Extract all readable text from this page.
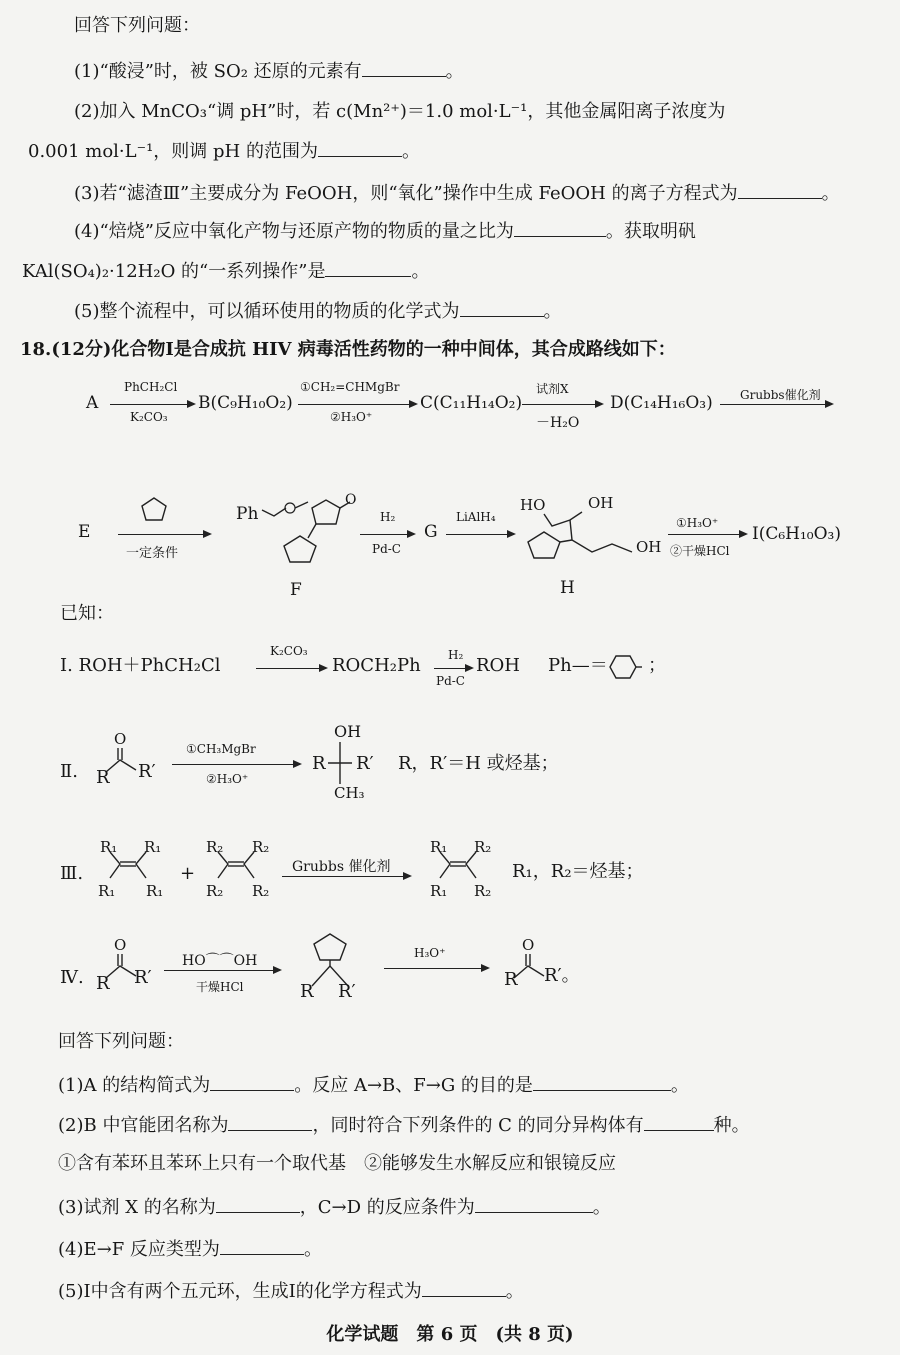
回答下列问题：
(1)“酸浸”时，被 SO₂ 还原的元素有	。
(2)加入 MnCO₃“调 pH”时，若 c(Mn²⁺)＝1.0 mol·L⁻¹，其他金属阳离子浓度为
0.001 mol·L⁻¹，则调 pH 的范围为	。
(3)若“滤渣Ⅲ”主要成分为 FeOOH，则“氧化”操作中生成 FeOOH 的离子方程式为	。
(4)“焙烧”反应中氧化产物与还原产物的物质的量之比为	。获取明矾
KAl(SO₄)₂·12H₂O 的“一系列操作”是	。
(5)整个流程中，可以循环使用的物质的化学式为	。
18.(12分)化合物Ⅰ是合成抗 HIV 病毒活性药物的一种中间体，其合成路线如下：
A
PhCH₂Cl
K₂CO₃
B(C₉H₁₀O₂)
①CH₂=CHMgBr
②H₃O⁺
C(C₁₁H₁₄O₂)
试剂X
－H₂O
D(C₁₄H₁₆O₃) Grubbs催化剂
E
一定条件
Ph
O
F
H₂
Pd-C
G
LiAlH₄
HO	OH
OH
H
①H₃O⁺
②干燥HCl
I(C₆H₁₀O₃)
已知：
Ⅰ. ROH＋PhCH₂Cl
K₂CO₃
ROCH₂Ph H₂
Pd-C
ROH Ph—＝ ；
Ⅱ.
O
R R′
①CH₃MgBr
②H₃O⁺
OH
R R′
CH₃
R，R′＝H 或烃基；
Ⅲ.
R₁ R₁
R₁ R₁
+
R₂ R₂
R₂ R₂
Grubbs 催化剂
R₁ R₂
R₁ R₂
R₁，R₂＝烃基；
Ⅳ.
O
R R′
HO⌒⌒OH
干燥HCl	R R′
H₃O⁺	O
R R′。
回答下列问题：
(1)A 的结构简式为	。反应 A→B、F→G 的目的是	。
(2)B 中官能团名称为	，同时符合下列条件的 C 的同分异构体有	种。
①含有苯环且苯环上只有一个取代基　②能够发生水解反应和银镜反应
(3)试剂 X 的名称为	，C→D 的反应条件为	。
(4)E→F 反应类型为	。
(5)Ⅰ中含有两个五元环，生成Ⅰ的化学方程式为	。
化学试题　第 6 页　(共 8 页)
